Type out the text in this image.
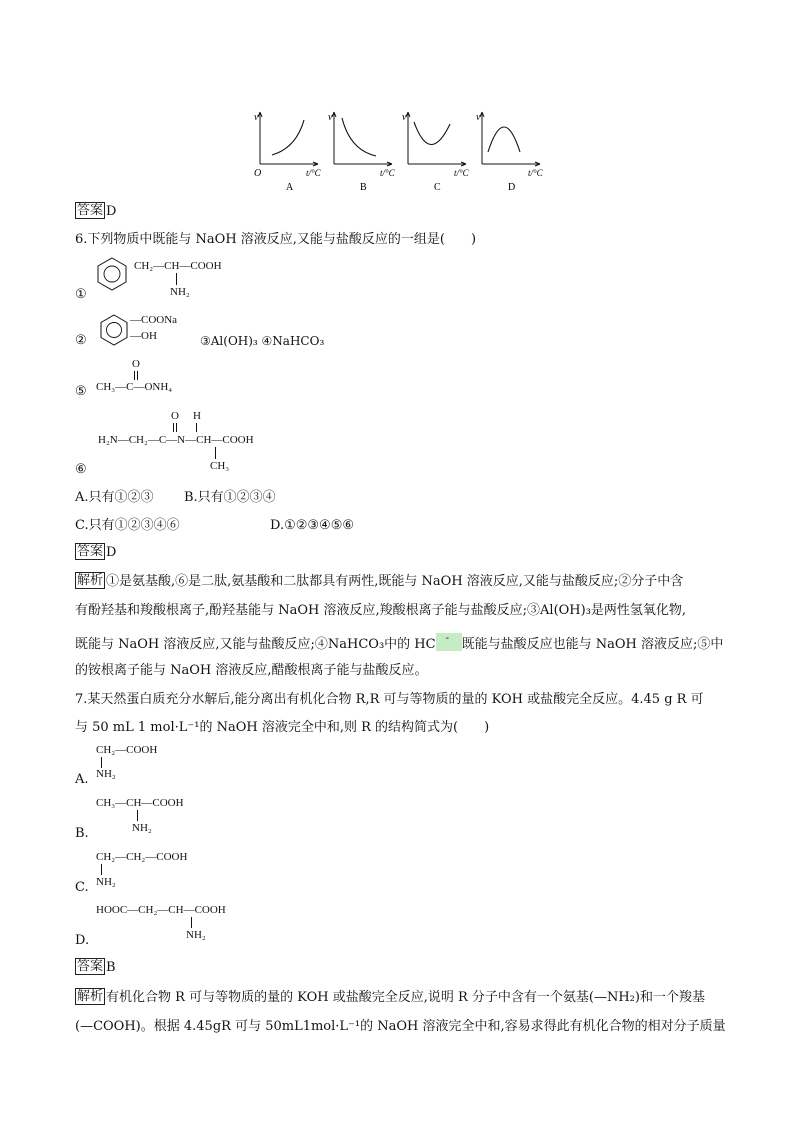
v
O	t/°C
A
v
t/°C
B
v
t/°C
C
v
t/°C
D
答案 D
6.下列物质中既能与 NaOH 溶液反应,又能与盐酸反应的一组是(　　)
①
CH₂—CH—COOH
NH₂
②
—COONa
—OH	③Al(OH)₃ ④NaHCO₃
O
⑤ CH₃—C—ONH₄
O H
H₂N—CH₂—C—N—CH—COOH
CH₃
⑥
A.只有①②③ B.只有①②③④
C.只有①②③④⑥	D.①②③④⑤⑥
答案 D
解析 ①是氨基酸,⑥是二肽,氨基酸和二肽都具有两性,既能与 NaOH 溶液反应,又能与盐酸反应;②分子中含
有酚羟基和羧酸根离子,酚羟基能与 NaOH 溶液反应,羧酸根离子能与盐酸反应;③Al(OH)₃是两性氢氧化物,
既能与 NaOH 溶液反应,又能与盐酸反应;④NaHCO₃中的 HC - 既能与盐酸反应也能与 NaOH 溶液反应;⑤中
的铵根离子能与 NaOH 溶液反应,醋酸根离子能与盐酸反应。
7.某天然蛋白质充分水解后,能分离出有机化合物 R,R 可与等物质的量的 KOH 或盐酸完全反应。4.45 g R 可
与 50 mL 1 mol·L⁻¹的 NaOH 溶液完全中和,则 R 的结构简式为(　　)
CH₂—COOH
NH₂
A.
CH₃—CH—COOH
NH₂
B.
CH₂—CH₂—COOH
NH₂
C.
HOOC—CH₂—CH—COOH
NH₂
D.
答案 B
解析 有机化合物 R 可与等物质的量的 KOH 或盐酸完全反应,说明 R 分子中含有一个氨基(—NH₂)和一个羧基
(—COOH)。根据 4.45gR 可与 50mL1mol·L⁻¹的 NaOH 溶液完全中和,容易求得此有机化合物的相对分子质量
